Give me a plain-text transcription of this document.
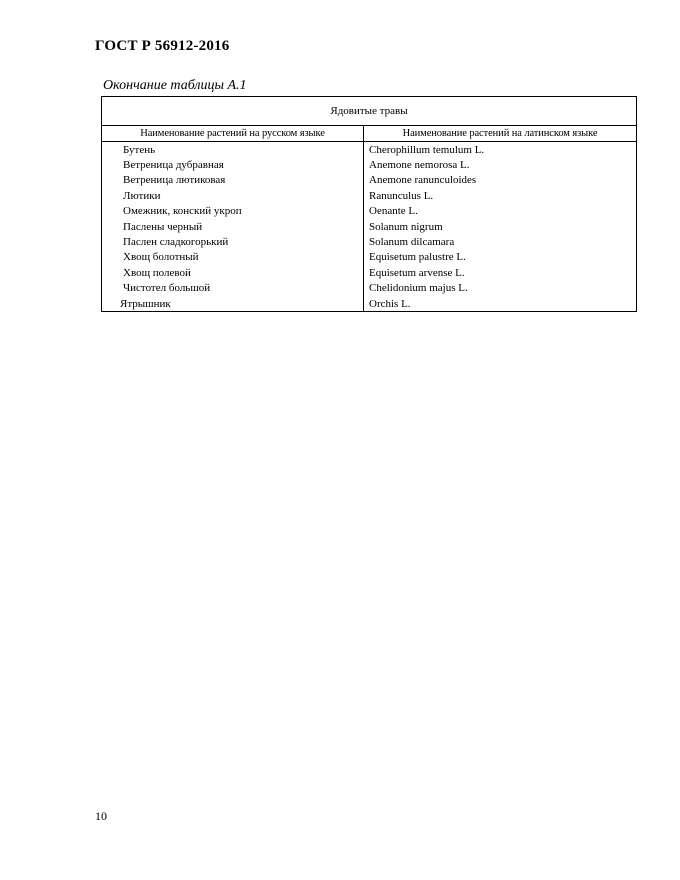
ГОСТ Р 56912-2016
Окончание таблицы А.1
Ядовитые травы	
Наименование растений на русском языке	Наименование растений на латинском языке
Бутень	Cherophillum temulum L.
Ветреница дубравная	Anemone nemorosa L.
Ветреница лютиковая	Anemone ranunculoides
Лютики	Ranunculus L.
Омежник, конский укроп	Oenante L.
Паслены черный	Solanum nigrum
Паслен сладкогорький	Solanum dilcamara
Хвощ болотный	Equisetum palustre L.
Хвощ полевой	Equisetum arvense L.
Чистотел большой	Chelidonium majus L.
Ятрышник	Orchis L.
10
